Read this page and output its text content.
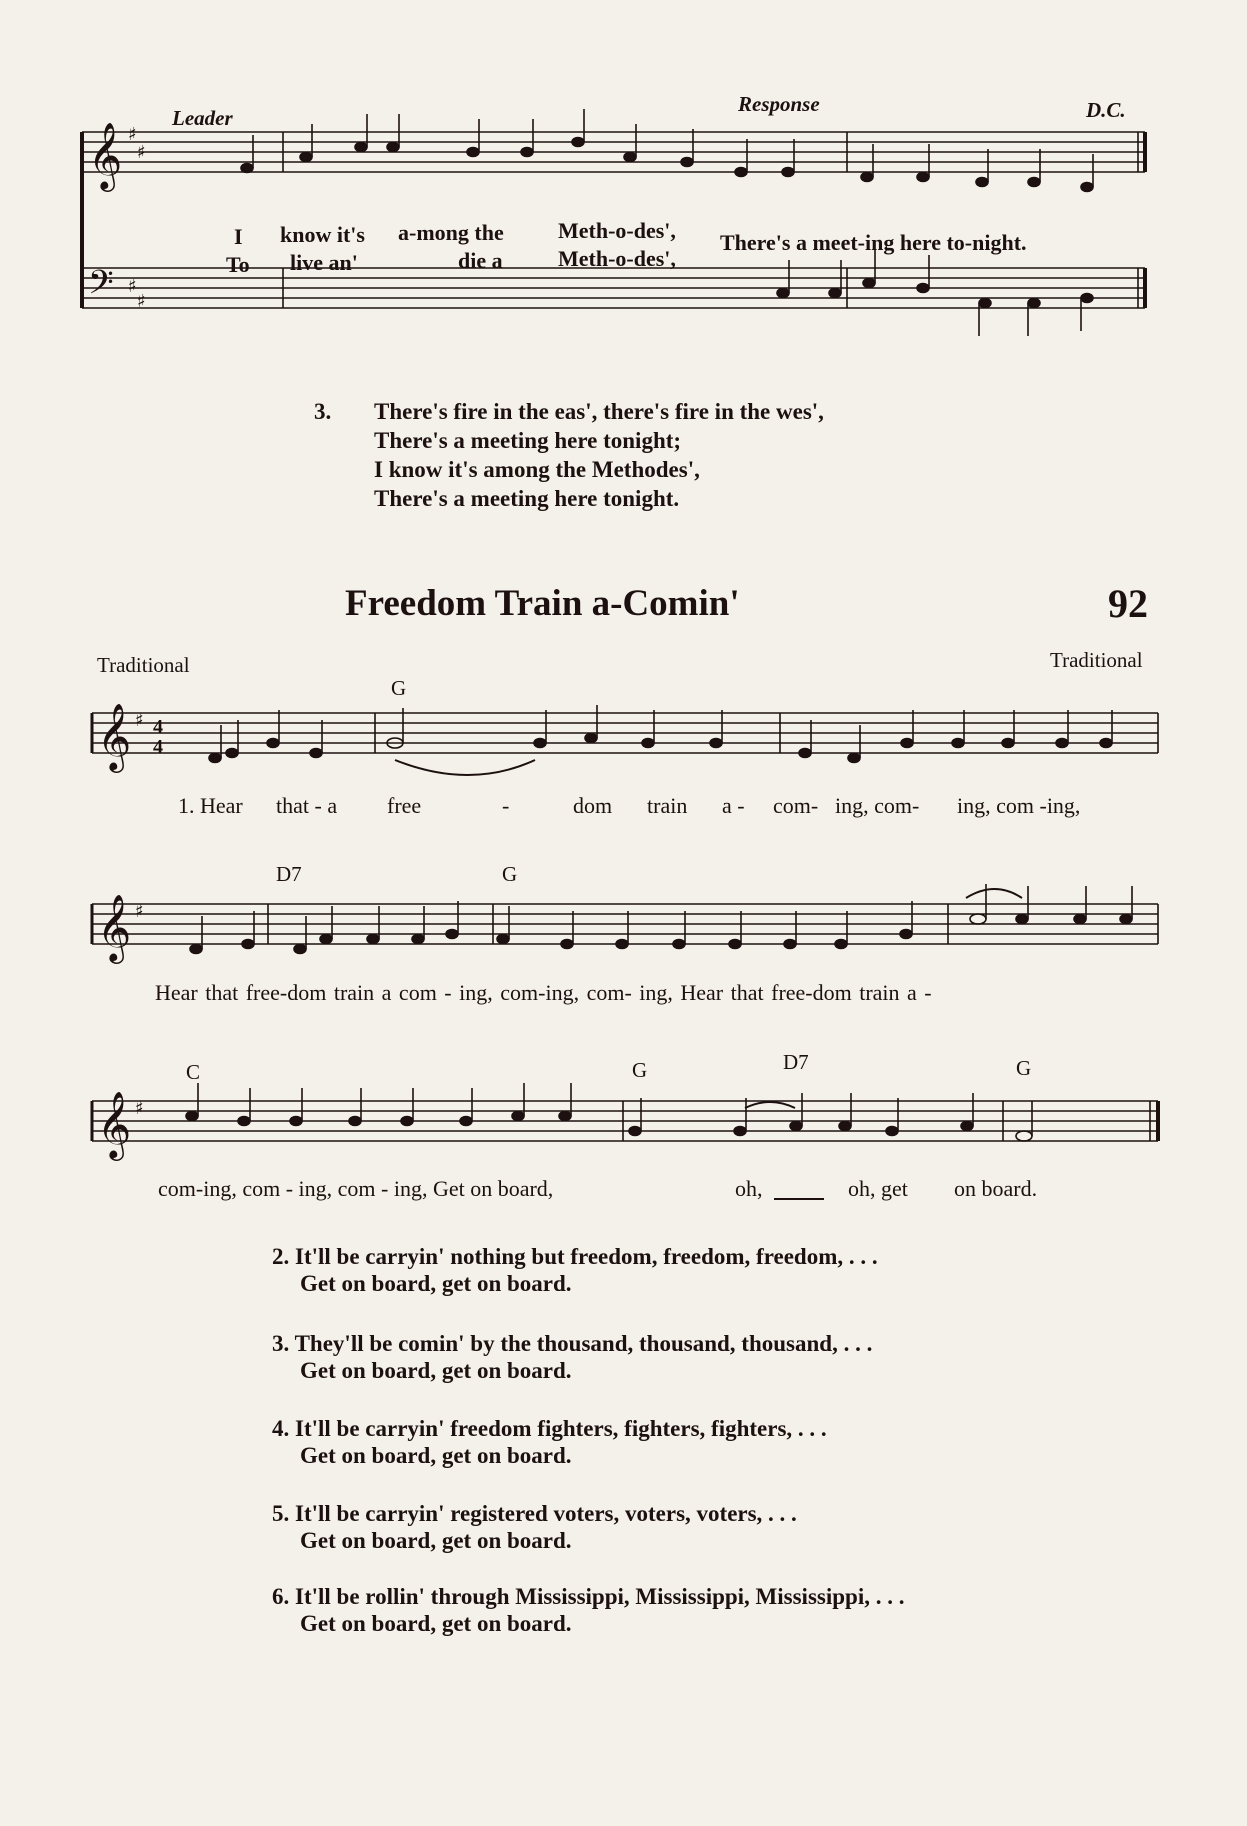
𝄞
𝄢
♯
♯
♯
♯
𝄞 ♯ 4
4
𝄞 ♯
𝄞 ♯
Leader
Response	D.C.
I know it's a-mong the Meth-o-des',
To live an'	die a	Meth-o-des',
There's a meet-ing here to-night.
3. There's fire in the eas', there's fire in the wes',
There's a meeting here tonight;
I know it's among the Methodes',
There's a meeting here tonight.
Freedom Train a-Comin'	92
Traditional	Traditional
G
1. Hear that - a free	-	dom train a - com- ing, com- ing, com -ing,
D7	G
Hear that free-dom train a com - ing, com-ing, com- ing, Hear that free-dom train a -
C	G	D7	G
com-ing, com - ing, com - ing, Get on board,	oh,	oh, get on board.
2. It'll be carryin' nothing but freedom, freedom, freedom, . . .
Get on board, get on board.
3. They'll be comin' by the thousand, thousand, thousand, . . .
Get on board, get on board.
4. It'll be carryin' freedom fighters, fighters, fighters, . . .
Get on board, get on board.
5. It'll be carryin' registered voters, voters, voters, . . .
Get on board, get on board.
6. It'll be rollin' through Mississippi, Mississippi, Mississippi, . . .
Get on board, get on board.
